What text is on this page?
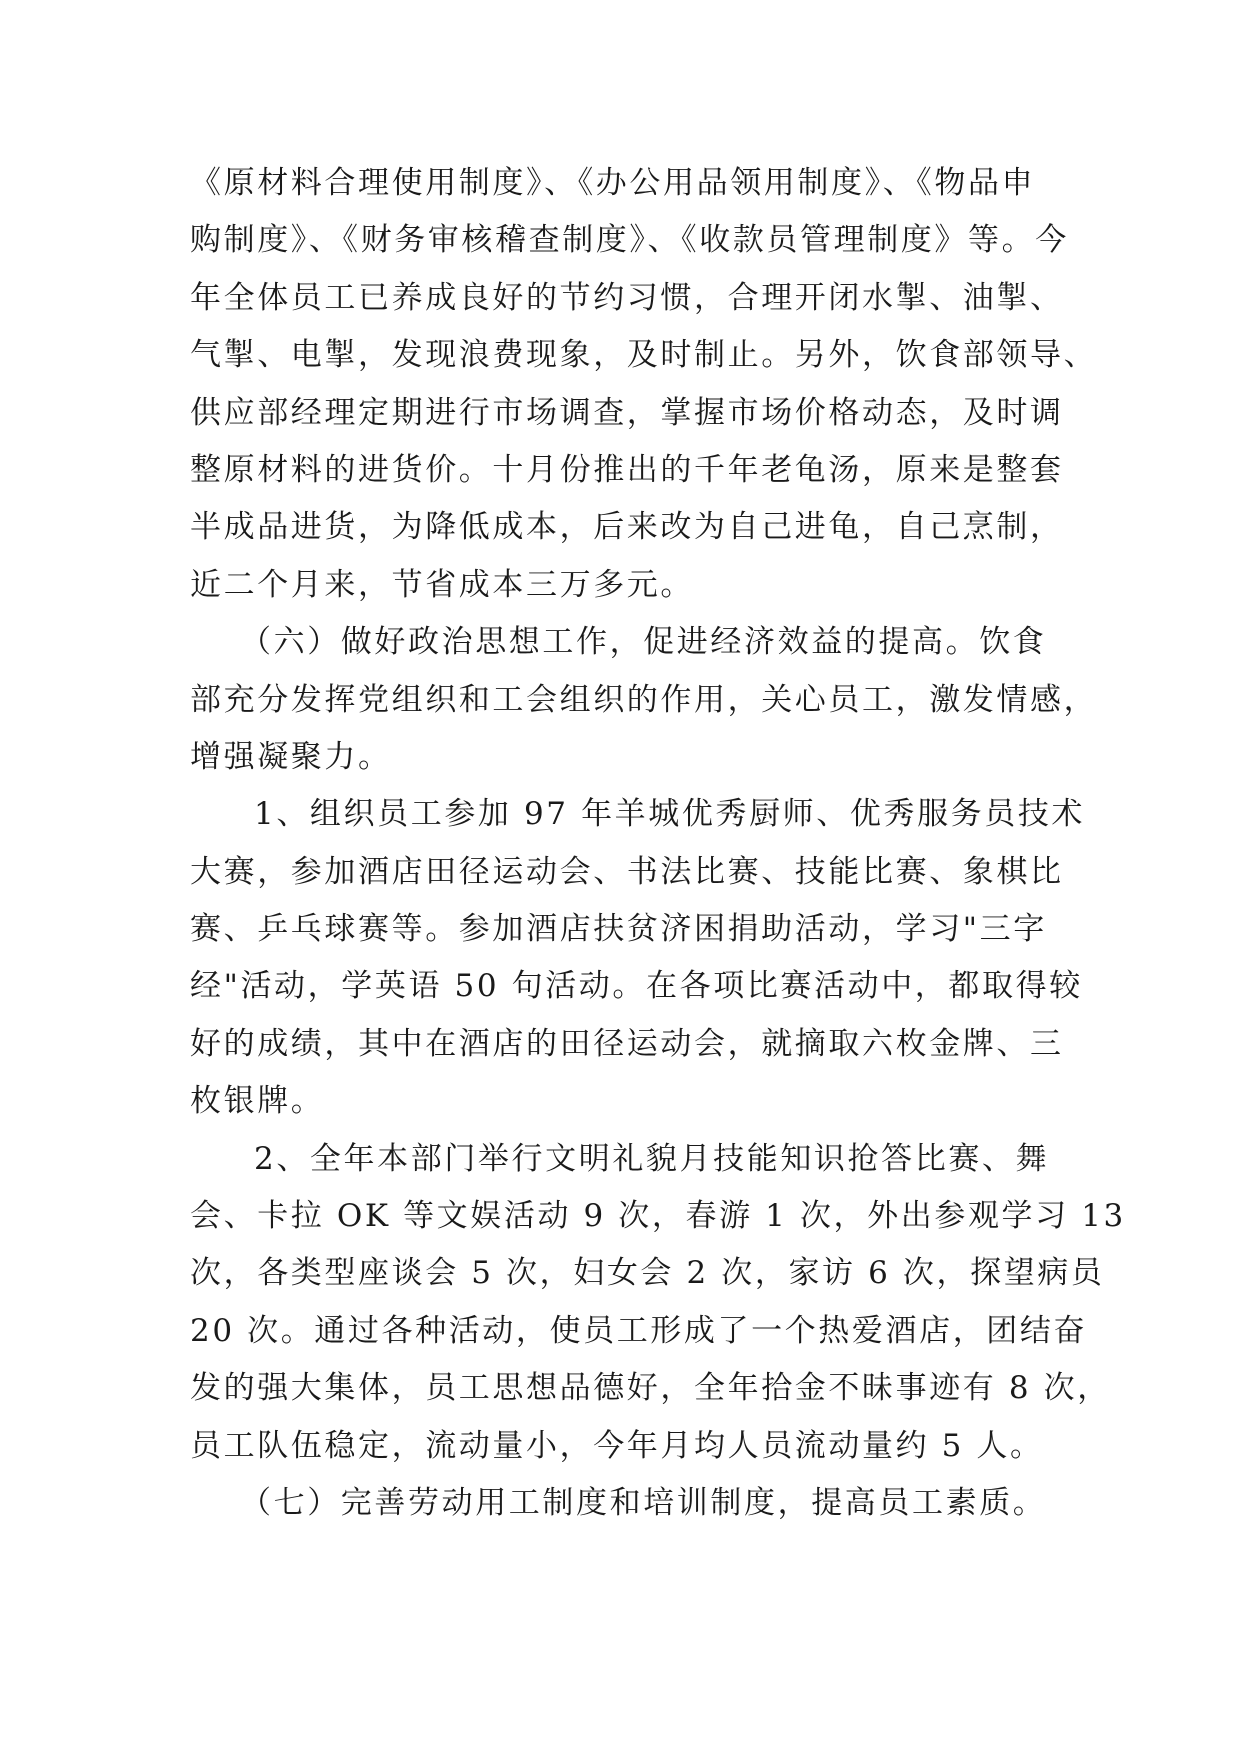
《原材料合理使用制度》、《办公用品领用制度》、《物品申
购制度》、《财务审核稽查制度》、《收款员管理制度》等。今
年全体员工已养成良好的节约习惯，合理开闭水掣、油掣、
气掣、电掣，发现浪费现象，及时制止。另外，饮食部领导、
供应部经理定期进行市场调查，掌握市场价格动态，及时调
整原材料的进货价。十月份推出的千年老龟汤，原来是整套
半成品进货，为降低成本，后来改为自己进龟，自己烹制，
近二个月来，节省成本三万多元。
（六）做好政治思想工作，促进经济效益的提高。饮食
部充分发挥党组织和工会组织的作用，关心员工，激发情感，
增强凝聚力。
1、组织员工参加 97 年羊城优秀厨师、优秀服务员技术
大赛，参加酒店田径运动会、书法比赛、技能比赛、象棋比
赛、乒乓球赛等。参加酒店扶贫济困捐助活动，学习"三字
经"活动，学英语 50 句活动。在各项比赛活动中，都取得较
好的成绩，其中在酒店的田径运动会，就摘取六枚金牌、三
枚银牌。
2、全年本部门举行文明礼貌月技能知识抢答比赛、舞
会、卡拉 OK 等文娱活动 9 次，春游 1 次，外出参观学习 13
次，各类型座谈会 5 次，妇女会 2 次，家访 6 次，探望病员
20 次。通过各种活动，使员工形成了一个热爱酒店，团结奋
发的强大集体，员工思想品德好，全年拾金不昧事迹有 8 次，
员工队伍稳定，流动量小，今年月均人员流动量约 5 人。
（七）完善劳动用工制度和培训制度，提高员工素质。
